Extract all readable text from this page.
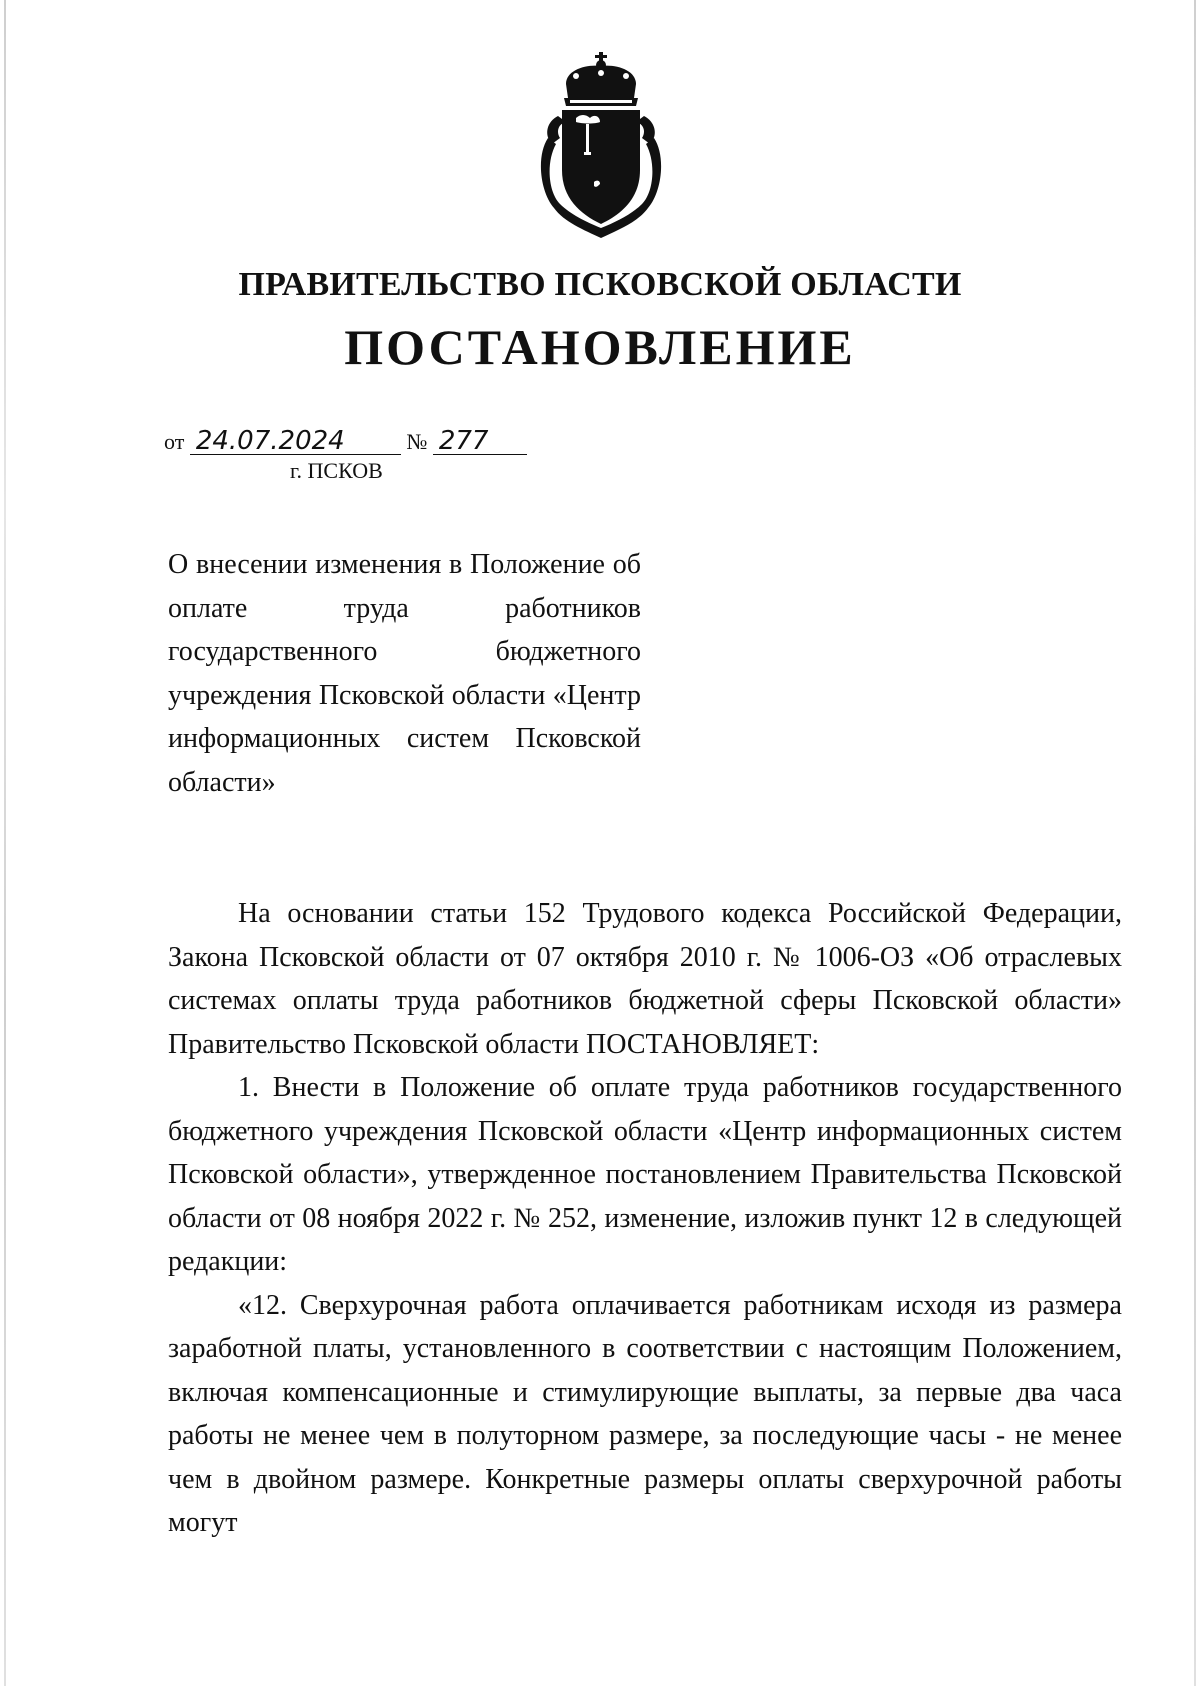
ПРАВИТЕЛЬСТВО ПСКОВСКОЙ ОБЛАСТИ
ПОСТАНОВЛЕНИЕ
от 24.07.2024	№ 277
г. ПСКОВ
О внесении изменения в Положение об оплате труда работников государственного бюджетного учреждения Псковской области «Центр информационных систем Псковской области»

На основании статьи 152 Трудового кодекса Российской Федерации, Закона Псковской области от 07 октября 2010 г. № 1006-ОЗ «Об отраслевых системах оплаты труда работников бюджетной сферы Псковской области» Правительство Псковской области ПОСТАНОВЛЯЕТ:

1. Внести в Положение об оплате труда работников государственного бюджетного учреждения Псковской области «Центр информационных систем Псковской области», утвержденное постановлением Правительства Псковской области от 08 ноября 2022 г. № 252, изменение, изложив пункт 12 в следующей редакции:

«12. Сверхурочная работа оплачивается работникам исходя из размера заработной платы, установленного в соответствии с настоящим Положением, включая компенсационные и стимулирующие выплаты, за первые два часа работы не менее чем в полуторном размере, за последующие часы - не менее чем в двойном размере. Конкретные размеры оплаты сверхурочной работы могут
